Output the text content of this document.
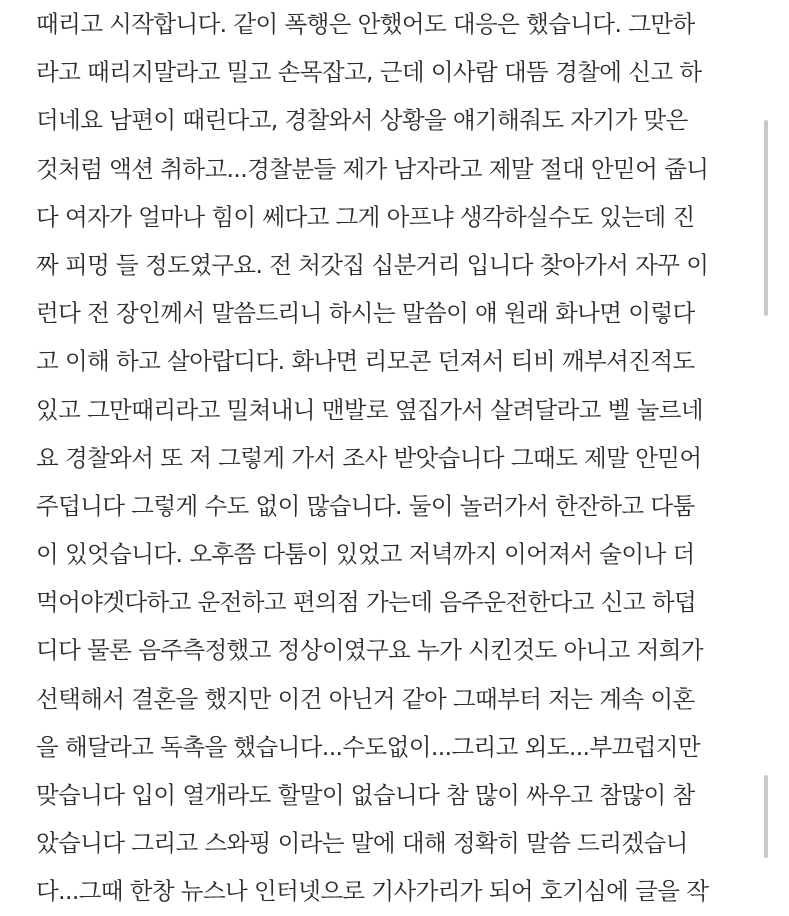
때리고 시작합니다. 같이 폭행은 안했어도 대응은 했습니다. 그만하
라고 때리지말라고 밀고 손목잡고, 근데 이사람 대뜸 경찰에 신고 하
더네요 남편이 때린다고, 경찰와서 상황을 얘기해줘도 자기가 맞은
것처럼 액션 취하고...경찰분들 제가 남자라고 제말 절대 안믿어 줍니
다 여자가 얼마나 힘이 쎄다고 그게 아프냐 생각하실수도 있는데 진
짜 피멍 들 정도였구요. 전 처갓집 십분거리 입니다 찾아가서 자꾸 이
런다 전 장인께서 말씀드리니 하시는 말씀이 얘 원래 화나면 이렇다
고 이해 하고 살아랍디다. 화나면 리모콘 던져서 티비 깨부셔진적도
있고 그만때리라고 밀쳐내니 맨발로 옆집가서 살려달라고 벨 눌르네
요 경찰와서 또 저 그렇게 가서 조사 받앗습니다 그때도 제말 안믿어
주덥니다 그렇게 수도 없이 많습니다. 둘이 놀러가서 한잔하고 다툼
이 있엇습니다. 오후쯤 다툼이 있었고 저녁까지 이어져서 술이나 더
먹어야겟다하고 운전하고 편의점 가는데 음주운전한다고 신고 하덥
디다 물론 음주측정했고 정상이였구요 누가 시킨것도 아니고 저희가
선택해서 결혼을 했지만 이건 아닌거 같아 그때부터 저는 계속 이혼
을 해달라고 독촉을 했습니다...수도없이...그리고 외도...부끄럽지만
맞습니다 입이 열개라도 할말이 없습니다 참 많이 싸우고 참많이 참
았습니다 그리고 스와핑 이라는 말에 대해 정확히 말씀 드리겠습니
다...그때 한창 뉴스나 인터넷으로 기사가리가 되어 호기심에 글을 작
